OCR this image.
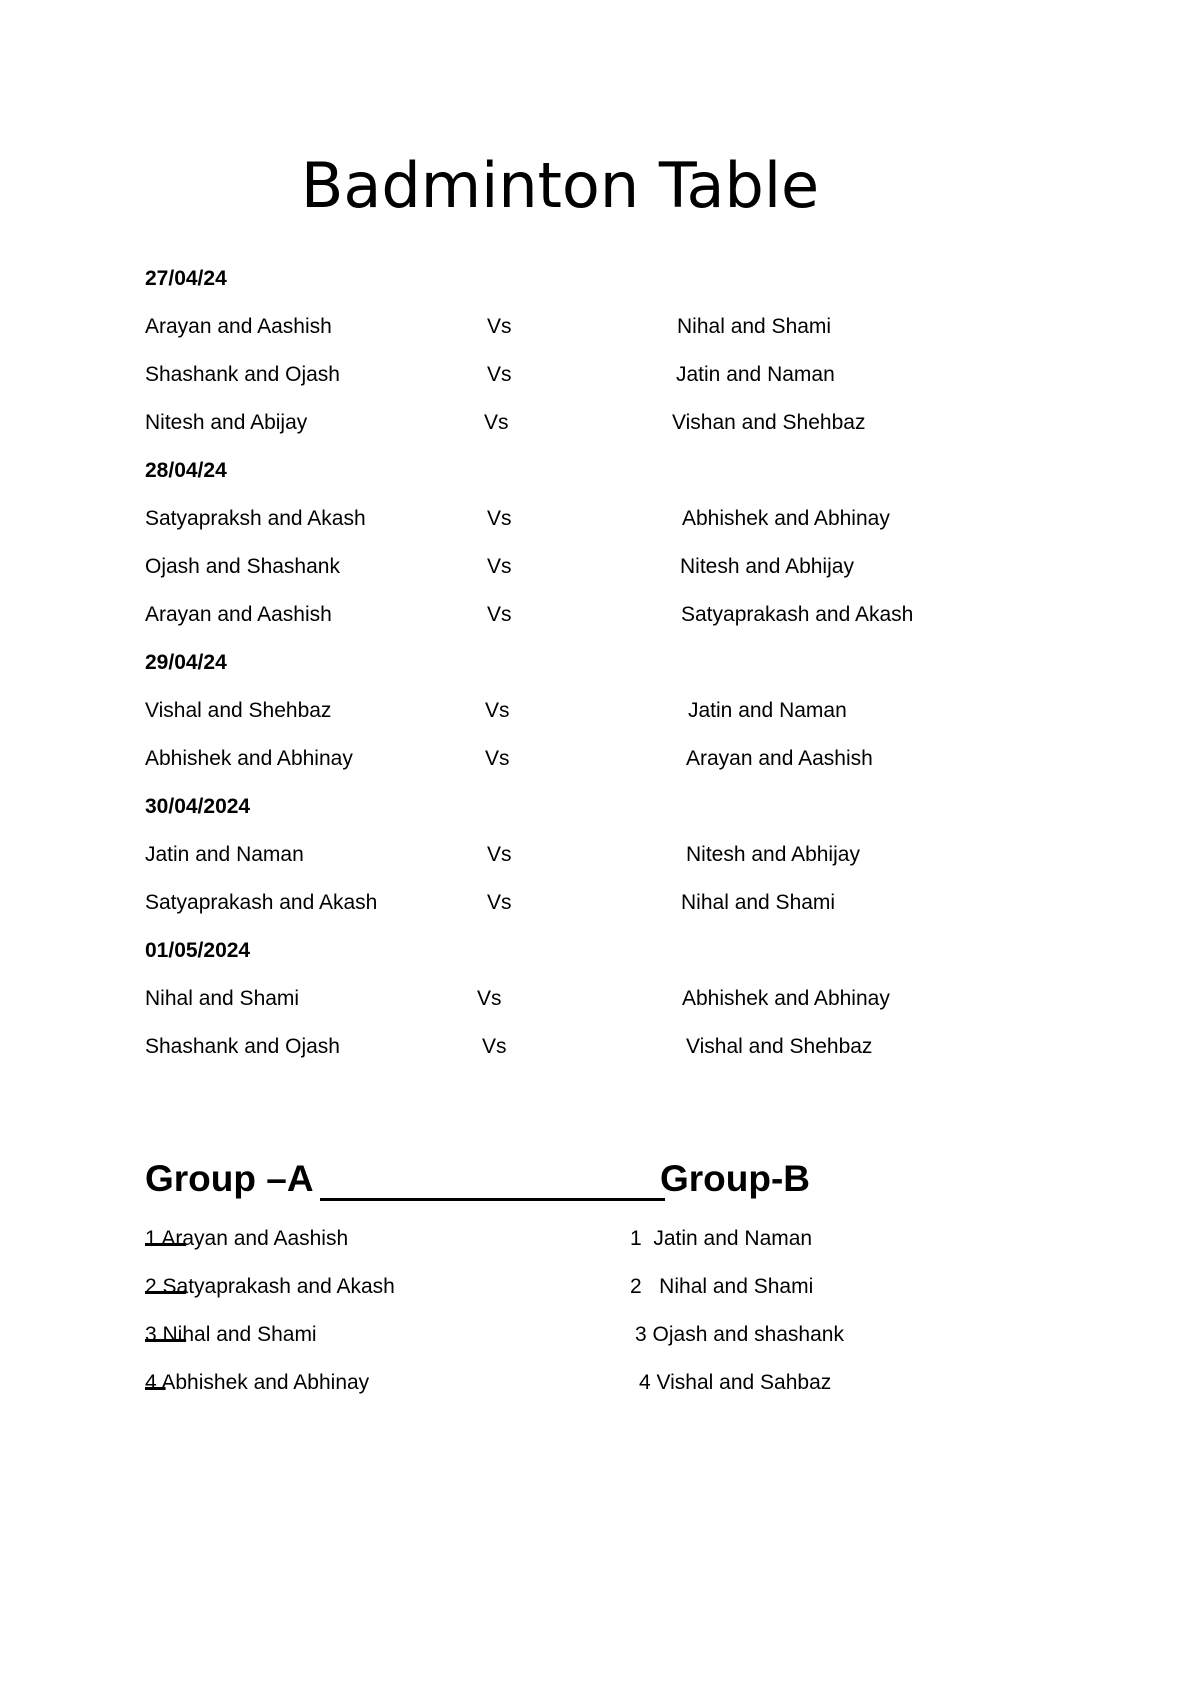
Badminton Table
27/04/24
Arayan and Aashish	Vs	Nihal and Shami
Shashank and Ojash	Vs	Jatin and Naman
Nitesh and Abijay	Vs	Vishan and Shehbaz
28/04/24
Satyapraksh and Akash	Vs	Abhishek and Abhinay
Ojash and Shashank	Vs	Nitesh and Abhijay
Arayan and Aashish	Vs	Satyaprakash and Akash
29/04/24
Vishal and Shehbaz	Vs	Jatin and Naman
Abhishek and Abhinay	Vs	Arayan and Aashish
30/04/2024
Jatin and Naman	Vs	Nitesh and Abhijay
Satyaprakash and Akash	Vs	Nihal and Shami
01/05/2024
Nihal and Shami	Vs	Abhishek and Abhinay
Shashank and Ojash	Vs	Vishal and Shehbaz

Group –A

	Group-B

1 Arayan and Aashish	1  Jatin and Naman
2 Satyaprakash and Akash	2   Nihal and Shami
3 Nihal and Shami	3 Ojash and shashank
4 Abhishek and Abhinay	4 Vishal and Sahbaz
